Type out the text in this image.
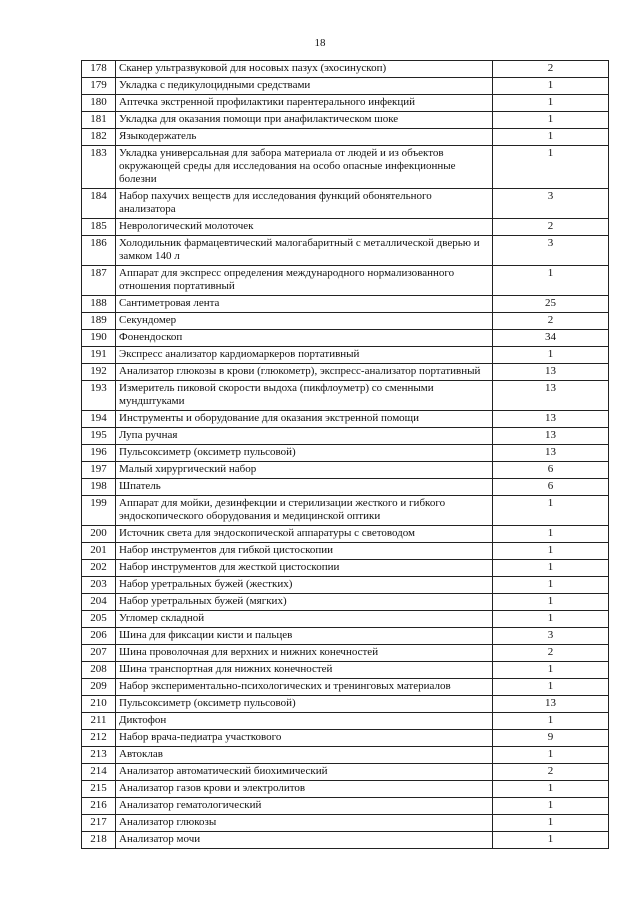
18
178	Сканер ультразвуковой для носовых пазух (эхосинускоп)	2
179	Укладка с педикулоцидными средствами	1
180	Аптечка экстренной профилактики парентерального инфекций	1
181	Укладка для оказания помощи при анафилактическом шоке	1
182	Языкодержатель	1
183	Укладка универсальная для забора материала от людей и из объектов окружающей среды для исследования на особо опасные инфекционные болезни	1
184	Набор пахучих веществ для исследования функций обонятельного анализатора	3
185	Неврологический молоточек	2
186	Холодильник фармацевтический малогабаритный с металлической дверью и замком 140 л	3
187	Аппарат для экспресс определения международного нормализованного отношения портативный	1
188	Сантиметровая лента	25
189	Секундомер	2
190	Фонендоскоп	34
191	Экспресс анализатор кардиомаркеров портативный	1
192	Анализатор глюкозы в крови (глюкометр), экспресс-анализатор портативный	13
193	Измеритель пиковой скорости выдоха (пикфлоуметр) со сменными мундштуками	13
194	Инструменты и оборудование для оказания экстренной помощи	13
195	Лупа ручная	13
196	Пульсоксиметр (оксиметр пульсовой)	13
197	Малый хирургический набор	6
198	Шпатель	6
199	Аппарат для мойки, дезинфекции и стерилизации жесткого и гибкого эндоскопического оборудования и медицинской оптики	1
200	Источник света для эндоскопической аппаратуры с световодом	1
201	Набор инструментов для гибкой цистоскопии	1
202	Набор инструментов для жесткой цистоскопии	1
203	Набор уретральных бужей (жестких)	1
204	Набор уретральных бужей (мягких)	1
205	Угломер складной	1
206	Шина для фиксации кисти и пальцев	3
207	Шина проволочная для верхних и нижних конечностей	2
208	Шина транспортная для нижних конечностей	1
209	Набор экспериментально-психологических и тренинговых материалов	1
210	Пульсоксиметр (оксиметр пульсовой)	13
211	Диктофон	1
212	Набор врача-педиатра участкового	9
213	Автоклав	1
214	Анализатор автоматический биохимический	2
215	Анализатор газов крови и электролитов	1
216	Анализатор гематологический	1
217	Анализатор глюкозы	1
218	Анализатор мочи	1
